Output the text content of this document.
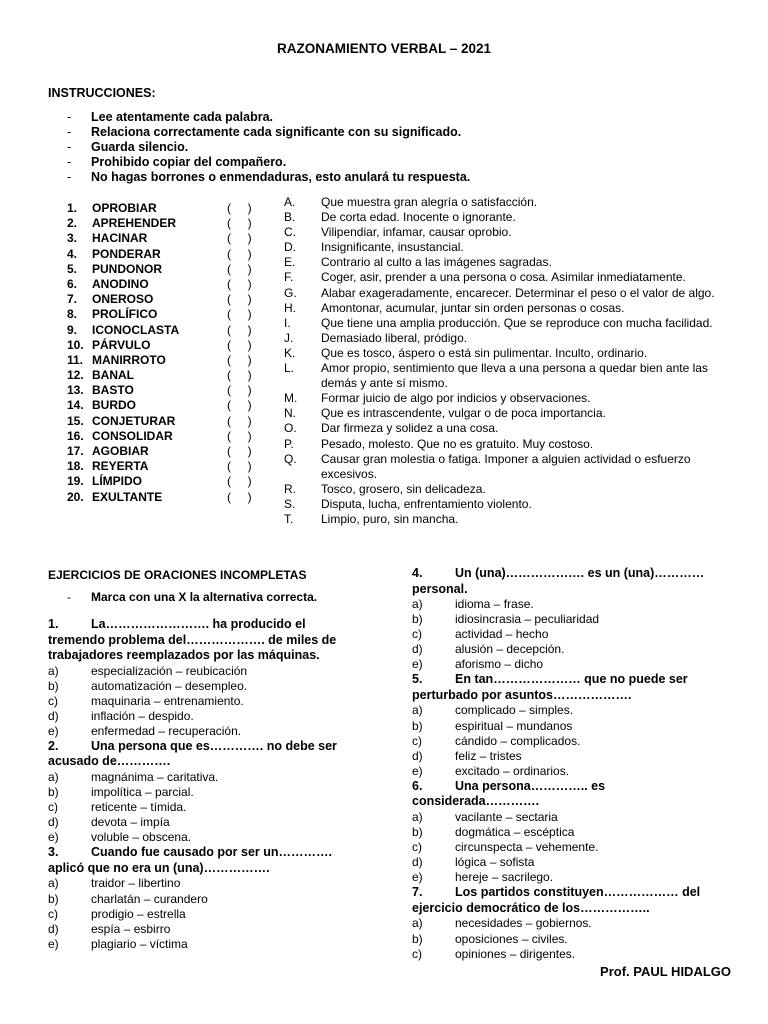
RAZONAMIENTO VERBAL – 2021
INSTRUCCIONES:
- Lee atentamente cada palabra.
- Relaciona correctamente cada significante con su significado.
- Guarda silencio.
- Prohibido copiar del compañero.
- No hagas borrones o enmendaduras, esto anulará tu respuesta.
1. OPROBIAR	(     )
2. APREHENDER	(     )
3. HACINAR	(     )
4. PONDERAR	(     )
5. PUNDONOR	(     )
6. ANODINO	(     )
7. ONEROSO	(     )
8. PROLÍFICO	(     )
9. ICONOCLASTA	(     )
10. PÁRVULO	(     )
11. MANIRROTO	(     )
12. BANAL	(     )
13. BASTO	(     )
14. BURDO	(     )
15. CONJETURAR	(     )
16. CONSOLIDAR	(     )
17. AGOBIAR	(     )
18. REYERTA	(     )
19. LÍMPIDO	(     )
20. EXULTANTE	(     )
A. Que muestra gran alegría o satisfacción.
B. De corta edad. Inocente o ignorante.
C. Vilipendiar, infamar, causar oprobio.
D. Insignificante, insustancial.
E. Contrario al culto a las imágenes sagradas.
F. Coger, asir, prender a una persona o cosa. Asimilar inmediatamente.
G. Alabar exageradamente, encarecer. Determinar el peso o el valor de algo.
H. Amontonar, acumular, juntar sin orden personas o cosas.
I.	Que tiene una amplia producción. Que se reproduce con mucha facilidad.
J. Demasiado liberal, pródigo.
K. Que es tosco, áspero o está sin pulimentar. Inculto, ordinario.
L. Amor propio, sentimiento que lleva a una persona a quedar bien ante las demás y ante sí mismo.
M. Formar juicio de algo por indicios y observaciones.
N. Que es intrascendente, vulgar o de poca importancia.
O. Dar firmeza y solidez a una cosa.
P. Pesado, molesto. Que no es gratuito. Muy costoso.
Q. Causar gran molestia o fatiga. Imponer a alguien actividad o esfuerzo excesivos.
R. Tosco, grosero, sin delicadeza.
S. Disputa, lucha, enfrentamiento violento.
T. Limpio, puro, sin mancha.
EJERCICIOS DE ORACIONES INCOMPLETAS
- Marca con una X la alternativa correcta.
1.	La……………………. ha producido el tremendo problema del………………. de miles de trabajadores reemplazados por las máquinas.
a)	especialización – reubicación
b)	automatización – desempleo.
c)	maquinaria – entrenamiento.
d)	inflación – despido.
e)	enfermedad – recuperación.
2.	Una persona que es…………. no debe ser acusado de………….
a)	magnánima – caritativa.
b)	impolítica – parcial.
c)	reticente – tímida.
d)	devota – impía
e)	voluble – obscena.
3.	Cuando fue causado por ser un…………. aplicó que no era un (una)…………….
a)	traidor – libertino
b)	charlatán – curandero
c)	prodigio – estrella
d)	espía – esbirro
e)	plagiario – víctima
4.	Un (una)………………. es un (una)………… personal.
a)	idioma – frase.
b)	idiosincrasia – peculiaridad
c)	actividad – hecho
d)	alusión – decepción.
e)	aforismo – dicho
5.	En tan………………… que no puede ser perturbado por asuntos……………….
a)	complicado – simples.
b)	espiritual – mundanos
c)	cándido – complicados.
d)	feliz – tristes
e)	excitado – ordinarios.
6.	Una persona………….. es considerada………….
a)	vacilante – sectaria
b)	dogmática – escéptica
c)	circunspecta – vehemente.
d)	lógica – sofista
e)	hereje – sacrilego.
7.	Los partidos constituyen……………… del ejercicio democrático de los……………..
a)	necesidades – gobiernos.
b)	oposiciones – civiles.
c)	opiniones – dirigentes.
Prof. PAUL HIDALGO
